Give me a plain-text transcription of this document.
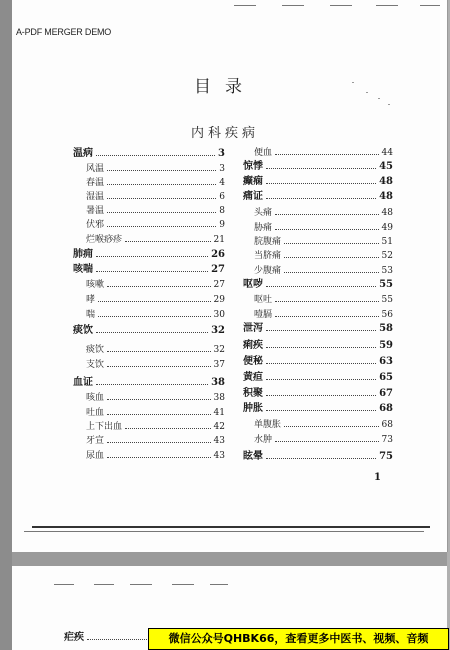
A-PDF MERGER DEMO
目录
内科疾病
温病	3
风温	3
春温	4
湿温	6
暑温	8
伏邪	9
烂喉痧疹	21
肺痈	26
咳喘	27
咳嗽	27
哮	29
喘	30
痰饮	32
痰饮	32
支饮	37
血证	38
咳血	38
吐血	41
上下出血	42
牙宣	43
尿血	43
便血	44
惊悸	45
癫痫	48
痛证	48
头痛	48
胁痛	49
脘腹痛	51
当脐痛	52
少腹痛	53
呕哕	55
呕吐	55
噎膈	56
泄泻	58
痢疾	59
便秘	63
黄疸	65
积聚	67
肿胀	68
单腹胀	68
水肿	73
眩晕	75
1
疟疾	微信公众号QHBK66，查看更多中医书、视频、音频
